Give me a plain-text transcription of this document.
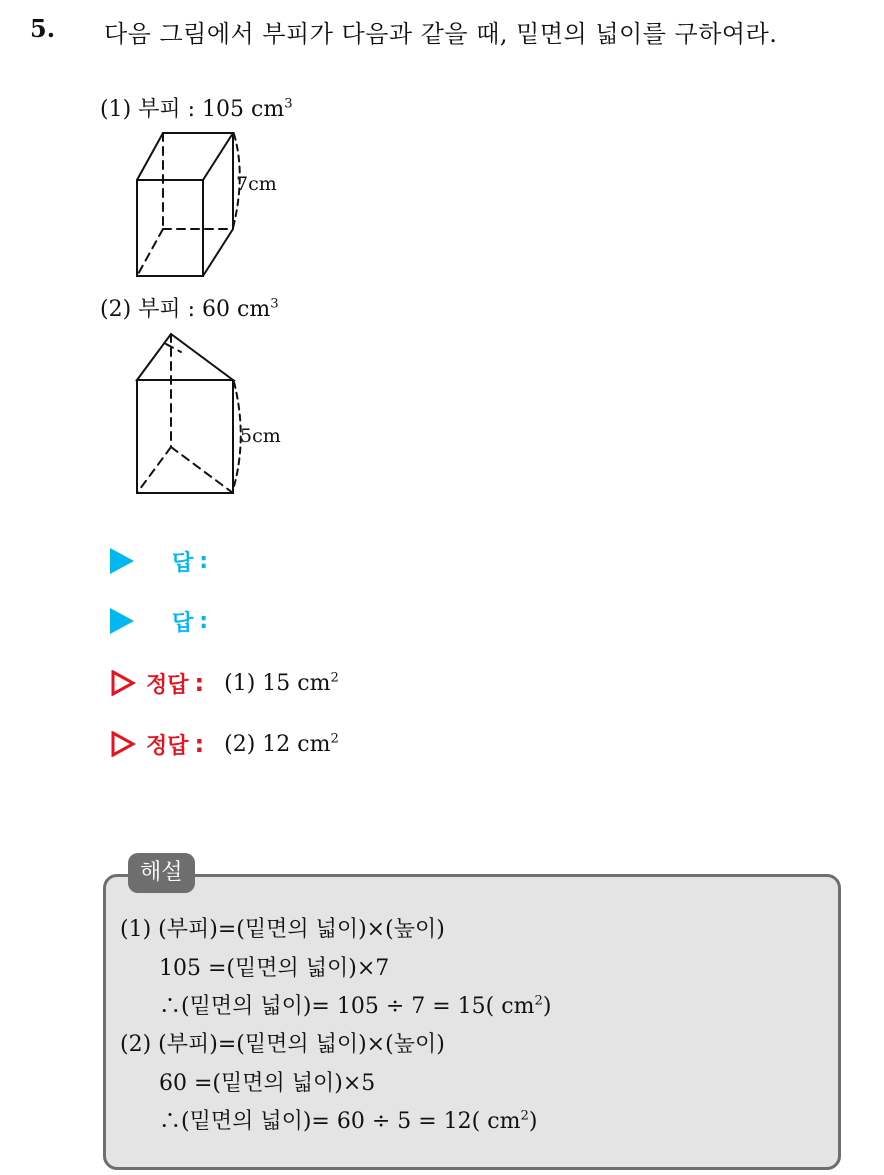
5. 다음 그림에서 부피가 다음과 같을 때, 밑면의 넓이를 구하여라.
(1) 부피 : 105 $cm^3$
7cm
(2) 부피 : 60 $cm^3$
5cm
답 :
답 :
정답 : (1) 15 $cm^2$
정답 : (2) 12 $cm^2$
해설
(1) (부피)=(밑면의 넓이)×(높이)
105 =(밑면의 넓이)×7
∴(밑면의 넓이)= 105 ÷ 7 = 15( $cm^2$)
(2) (부피)=(밑면의 넓이)×(높이)
60 =(밑면의 넓이)×5
∴(밑면의 넓이)= 60 ÷ 5 = 12( $cm^2$)
